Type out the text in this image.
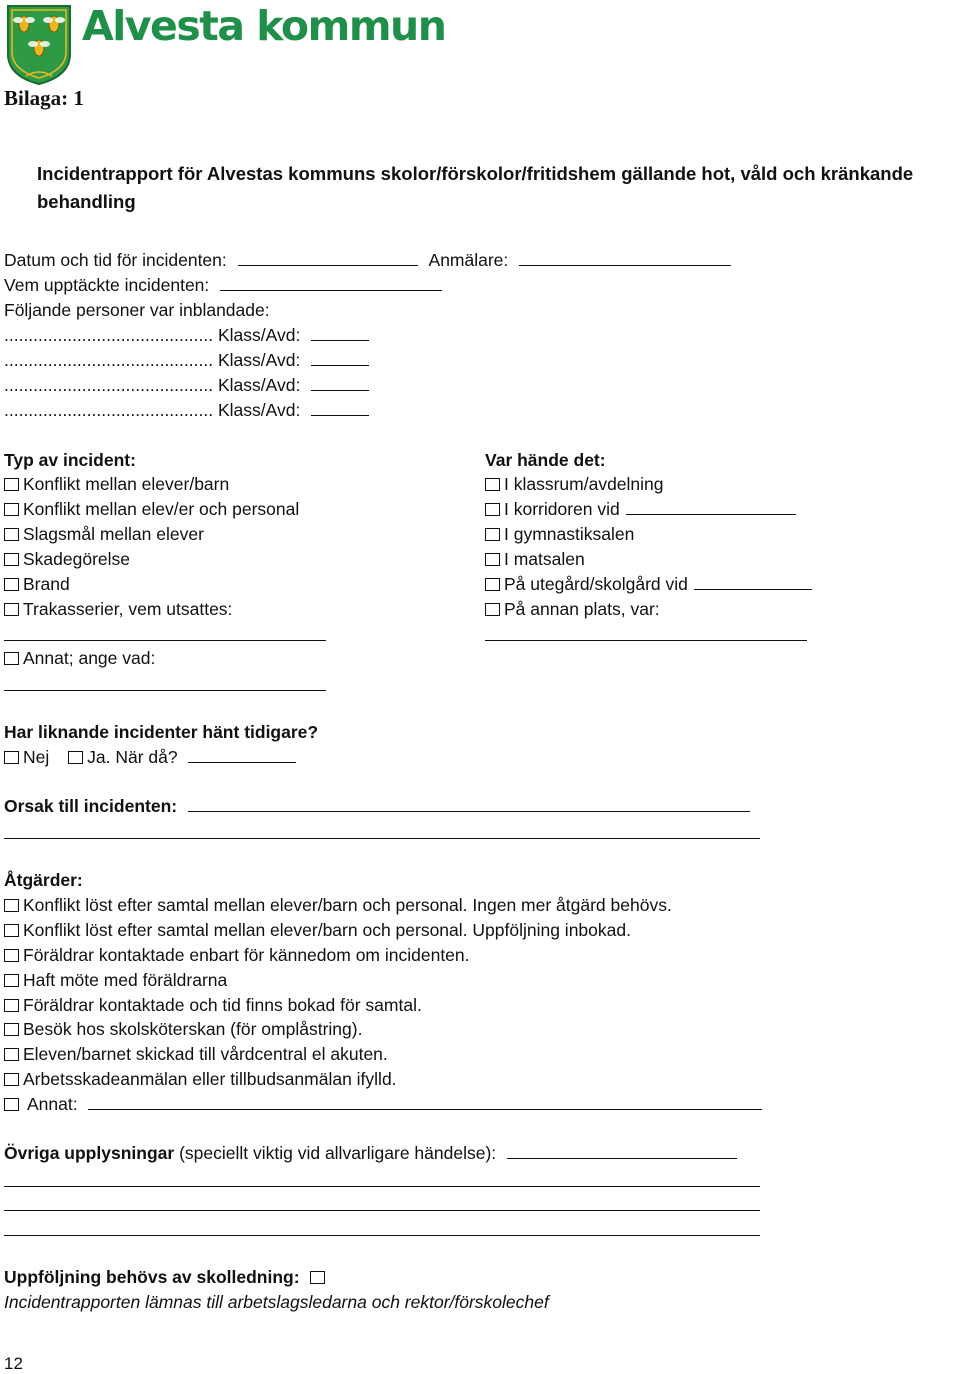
Alvesta kommun
Bilaga: 1
Incidentrapport för Alvestas kommuns skolor/förskolor/fritidshem gällande hot, våld och kränkande behandling
Datum och tid för incidenten:	Anmälare:
Vem upptäckte incidenten:
Följande personer var inblandade:
........................................... Klass/Avd:
........................................... Klass/Avd:
........................................... Klass/Avd:
........................................... Klass/Avd:
Typ av incident:
Konflikt mellan elever/barn
Konflikt mellan elev/er och personal
Slagsmål mellan elever
Skadegörelse
Brand
Trakasserier, vem utsattes:
Annat; ange vad:
Var hände det:
I klassrum/avdelning
I korridoren vid
I gymnastiksalen
I matsalen
På utegård/skolgård vid
På annan plats, var:
Har liknande incidenter hänt tidigare?
Nej Ja. När då?
Orsak till incidenten:
Åtgärder:
Konflikt löst efter samtal mellan elever/barn och personal. Ingen mer åtgärd behövs.
Konflikt löst efter samtal mellan elever/barn och personal. Uppföljning inbokad.
Föräldrar kontaktade enbart för kännedom om incidenten.
Haft möte med föräldrarna
Föräldrar kontaktade och tid finns bokad för samtal.
Besök hos skolsköterskan (för omplåstring).
Eleven/barnet skickad till vårdcentral el akuten.
Arbetsskadeanmälan eller tillbudsanmälan ifylld.
Annat:
Övriga upplysningar (speciellt viktig vid allvarligare händelse):
Uppföljning behövs av skolledning:
Incidentrapporten lämnas till arbetslagsledarna och rektor/förskolechef
12
